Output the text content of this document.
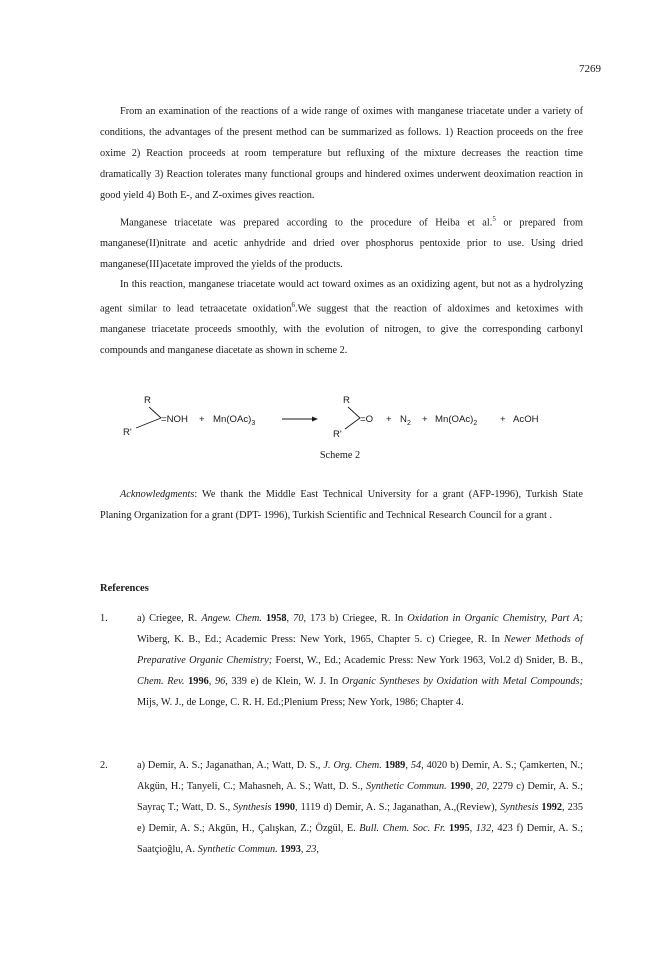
7269

From an examination of the reactions of a wide range of oximes with manganese triacetate under a variety of conditions, the advantages of the present method can be summarized as follows. 1) Reaction proceeds on the free oxime 2) Reaction proceeds at room temperature but refluxing of the mixture decreases the reaction time dramatically 3) Reaction tolerates many functional groups and hindered oximes underwent deoximation reaction in good yield 4) Both E-, and Z-oximes gives reaction.

Manganese triacetate was prepared according to the procedure of Heiba et al.$^5$ or prepared from manganese(II)nitrate and acetic anhydride and dried over phosphorus pentoxide prior to use. Using dried manganese(III)acetate improved the yields of the products.

In this reaction, manganese triacetate would act toward oximes as an oxidizing agent, but not as a hydrolyzing agent similar to lead tetraacetate oxidation$^6$.We suggest that the reaction of aldoximes and ketoximes with manganese triacetate proceeds smoothly, with the evolution of nitrogen, to give the corresponding carbonyl compounds and manganese diacetate as shown in scheme 2.

R
R'
$=NOH + Mn(OAc)_3$
R
R'
$=O + N_2 + Mn(OAc)_2$ + AcOH
Scheme 2

Acknowledgments: We thank the Middle East Technical University for a grant (AFP-1996), Turkish State Planing Organization for a grant (DPT- 1996), Turkish Scientific and Technical Research Council for a grant .

References
1.	a) Criegee, R. Angew. Chem. 1958, 70, 173 b) Criegee, R. In Oxidation in Organic Chemistry, Part A; Wiberg, K. B., Ed.; Academic Press: New York, 1965, Chapter 5. c) Criegee, R. In Newer Methods of Preparative Organic Chemistry; Foerst, W., Ed.; Academic Press: New York 1963, Vol.2 d) Snider, B. B., Chem. Rev. 1996, 96, 339 e) de Klein, W. J. In Organic Syntheses by Oxidation with Metal Compounds; Mijs, W. J., de Longe, C. R. H. Ed.;Plenium Press; New York, 1986; Chapter 4.
2.	a) Demir, A. S.; Jaganathan, A.; Watt, D. S., J. Org. Chem. 1989, 54, 4020 b) Demir, A. S.; Çamkerten, N.; Akgün, H.; Tanyeli, C.; Mahasneh, A. S.; Watt, D. S., Synthetic Commun. 1990, 20, 2279 c) Demir, A. S.; Sayraç T.; Watt, D. S., Synthesis 1990, 1119 d) Demir, A. S.; Jaganathan, A.,(Review), Synthesis 1992, 235 e) Demir, A. S.; Akgün, H., Çalışkan, Z.; Özgül, E. Bull. Chem. Soc. Fr. 1995, 132, 423 f) Demir, A. S.; Saatçioğlu, A. Synthetic Commun. 1993, 23,
